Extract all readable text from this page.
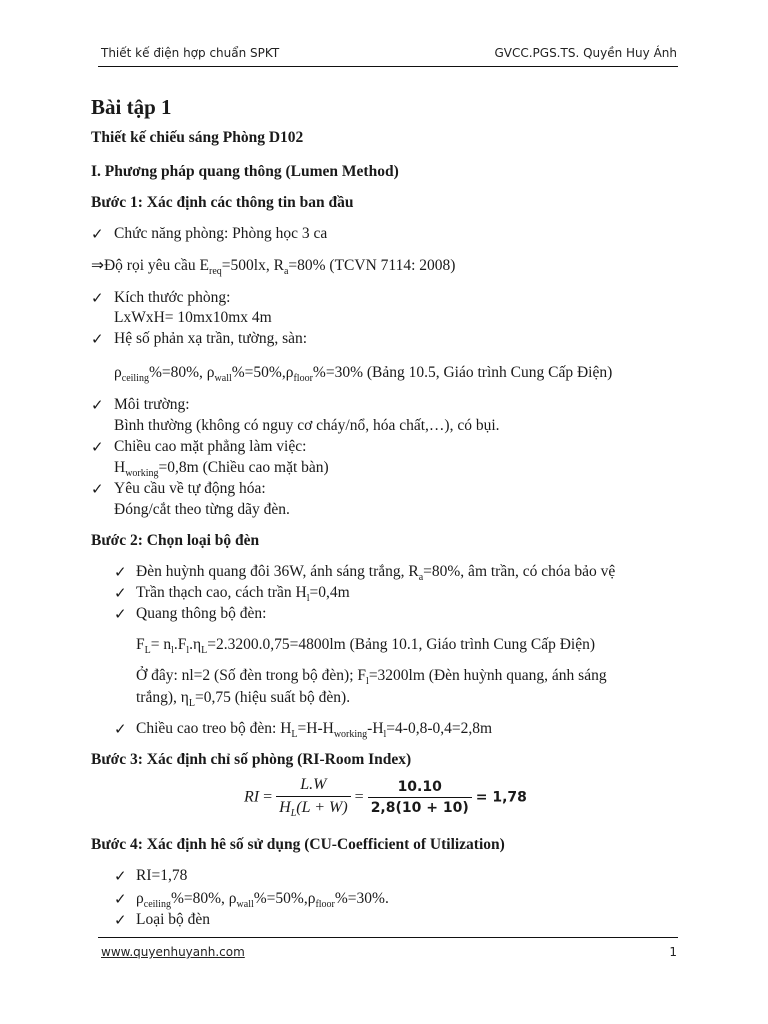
Thiết kế điện hợp chuẩn SPKT	GVCC.PGS.TS. Quyền Huy Ánh
Bài tập 1
Thiết kế chiếu sáng Phòng D102
I. Phương pháp quang thông (Lumen Method)
Bước 1: Xác định các thông tin ban đầu
✓ Chức năng phòng: Phòng học 3 ca
⇒Độ rọi yêu cầu $E_{req}=500lx$, $R_a=80\%$ (TCVN 7114: 2008)
✓ Kích thước phòng:
LxWxH= 10mx10mx 4m
✓ Hệ số phản xạ trần, tường, sàn:
$\rho_{ceiling}\%=80\%$, $\rho_{wall}\%=50\%,\rho_{floor}\%=30\%$ (Bảng 10.5, Giáo trình Cung Cấp Điện)
✓ Môi trường:
Bình thường (không có nguy cơ cháy/nổ, hóa chất,…), có bụi.
✓ Chiều cao mặt phẳng làm việc:
$H_{working}=0,8m$ (Chiều cao mặt bàn)
✓ Yêu cầu về tự động hóa:
Đóng/cắt theo từng dãy đèn.
Bước 2: Chọn loại bộ đèn
✓ Đèn huỳnh quang đôi 36W, ánh sáng trắng, $R_a=80\%$, âm trần, có chóa bảo vệ
✓ Trần thạch cao, cách trần $H_l=0,4m$
✓ Quang thông bộ đèn:
$F_L= n_l.F_l.\eta_L=2.3200.0,75=4800lm$ (Bảng 10.1, Giáo trình Cung Cấp Điện)
Ở đây: nl=2 (Số đèn trong bộ đèn); $F_l=3200lm$ (Đèn huỳnh quang, ánh sáng
trắng), $\eta_L=0,75$ (hiệu suất bộ đèn).
✓ Chiều cao treo bộ đèn: $H_L=H-H_{working}-H_l=4-0,8-0,4=2,8m$
Bước 3: Xác định chỉ số phòng (RI-Room Index)
RI = $\frac{L.W}{H_L(L + W)} = \frac{10.10}{2,8(10 + 10)} = 1,78$
Bước 4: Xác định hê số sử dụng (CU-Coefficient of Utilization)
✓ RI=1,78
✓ $\rho_{ceiling}\%=80\%$, $\rho_{wall}\%=50\%,\rho_{floor}\%=30\%$.
✓ Loại bộ đèn
www.quyenhuyanh.com	1
